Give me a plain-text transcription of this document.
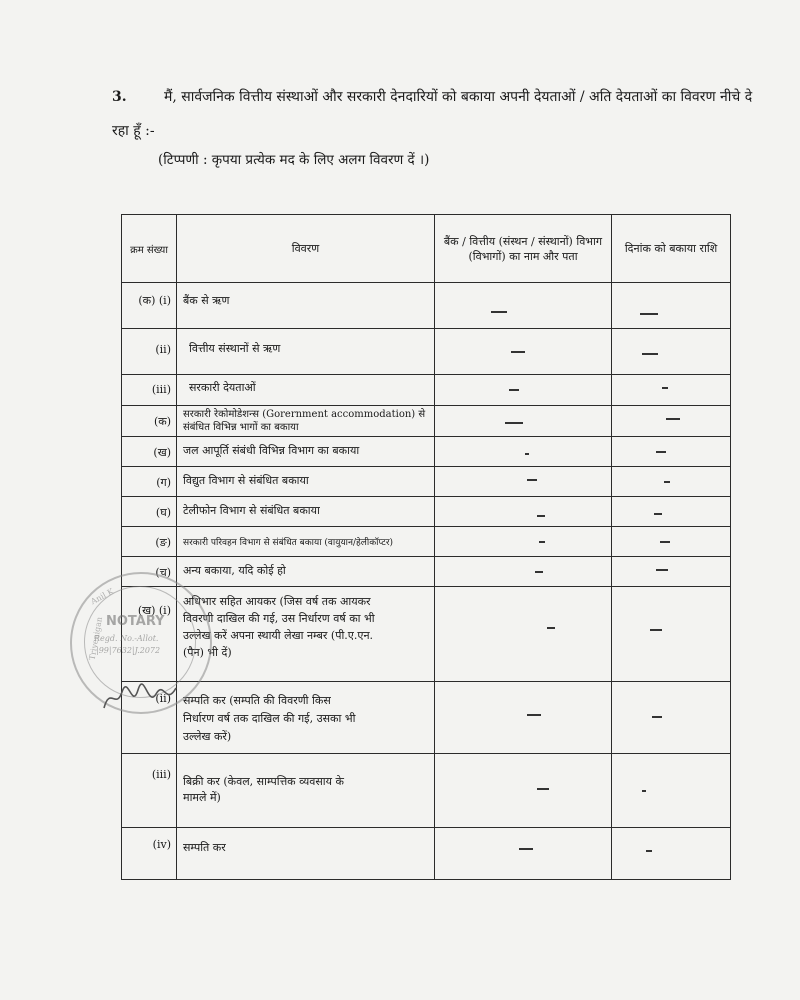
3.	मैं, सार्वजनिक वित्तीय संस्थाओं और सरकारी देनदारियों को बकाया अपनी देयताओं / अति देयताओं का विवरण नीचे दे रहा हूँ :-
(टिप्पणी : कृपया प्रत्येक मद के लिए अलग विवरण दें ।)
क्रम संख्या	विवरण	बैंक / वित्तीय (संस्थन / संस्थानों) विभाग (विभागों) का नाम और पता	दिनांक को बकाया राशि
(क) (i)	बैंक से ऋण	

(ii)	वित्तीय संस्थानों से ऋण	

(iii)	सरकारी देयताओं	

(क)	सरकारी रेकोमोडेशन्स (Gorernment accommodation) से संबंधित विभिन्न भागों का बकाया	

(ख)	जल आपूर्ति संबंधी विभिन्न विभाग का बकाया	

(ग)	विद्युत विभाग से संबंधित बकाया	

(घ)	टेलीफोन विभाग से संबंधित बकाया	

(ङ)	सरकारी परिवहन विभाग से संबंधित बकाया (वायुयान/हेलीकॉप्टर)	

(च)	अन्य बकाया, यदि कोई हो	

(ख) (i)	अधिभार सहित आयकर (जिस वर्ष तक आयकर विवरणी दाखिल की गई, उस निर्धारण वर्ष का भी उल्लेख करें अपना स्थायी लेखा नम्बर (पी.ए.एन. (पैन) भी दें)	

(ii)	सम्पति कर (सम्पति की विवरणी किस निर्धारण वर्ष तक दाखिल की गई, उसका भी उल्लेख करें)	

(iii)	बिक्री कर (केवल, साम्पत्तिक व्यवसाय के मामले में)	

(iv)	सम्पति कर	

Anil K
Trivenigan NOTARY
Regd. No.-Allot.
|99|7632|J.2072
